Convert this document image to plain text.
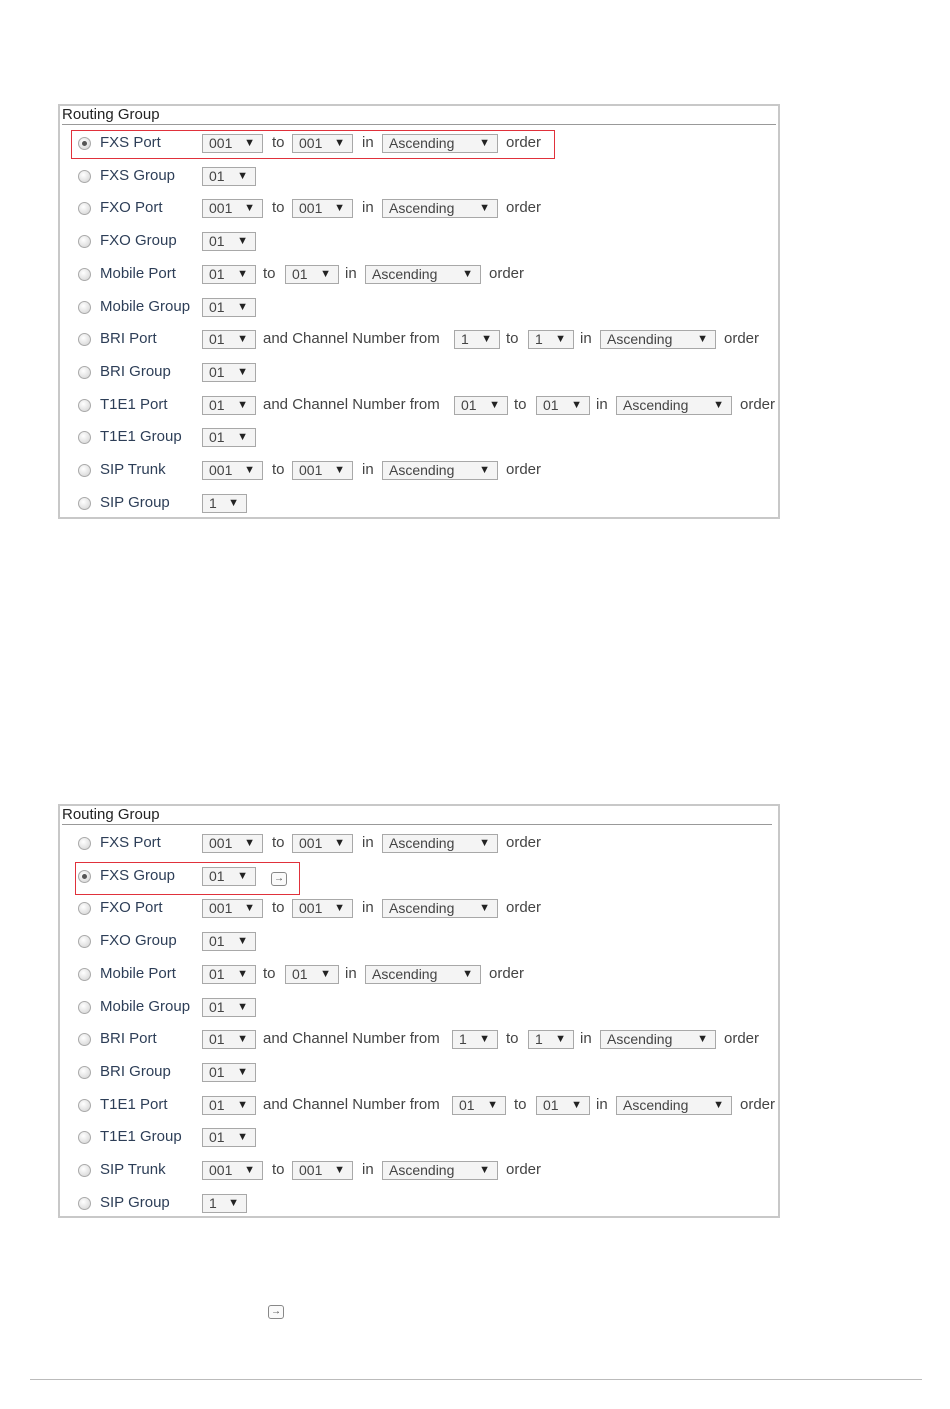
Routing Group
FXS Port	001 ▼ to 001 ▼ in Ascending ▼ order
FXS Group 01 ▼
FXO Port	001 ▼ to 001 ▼ in Ascending ▼ order
FXO Group 01 ▼
Mobile Port 01 ▼ to 01 ▼ in Ascending ▼ order
Mobile Group 01 ▼
BRI Port	01 ▼ and Channel Number from 1 ▼ to 1 ▼ in Ascending ▼ order
BRI Group	01 ▼
T1E1 Port	01 ▼ and Channel Number from 01 ▼ to 01 ▼ in Ascending ▼ order
T1E1 Group 01 ▼
SIP Trunk	001 ▼ to 001 ▼ in Ascending ▼ order
SIP Group	1 ▼
Routing Group
→
FXS Port	001 ▼ to 001 ▼ in Ascending ▼ order
FXS Group 01 ▼
FXO Port	001 ▼ to 001 ▼ in Ascending ▼ order
FXO Group 01 ▼
Mobile Port 01 ▼ to 01 ▼ in Ascending ▼ order
Mobile Group 01 ▼
BRI Port	01 ▼ and Channel Number from 1 ▼ to 1 ▼ in Ascending ▼ order
BRI Group	01 ▼
T1E1 Port	01 ▼ and Channel Number from 01 ▼ to 01 ▼ in Ascending ▼ order
T1E1 Group 01 ▼
SIP Trunk	001 ▼ to 001 ▼ in Ascending ▼ order
SIP Group	1 ▼
→
